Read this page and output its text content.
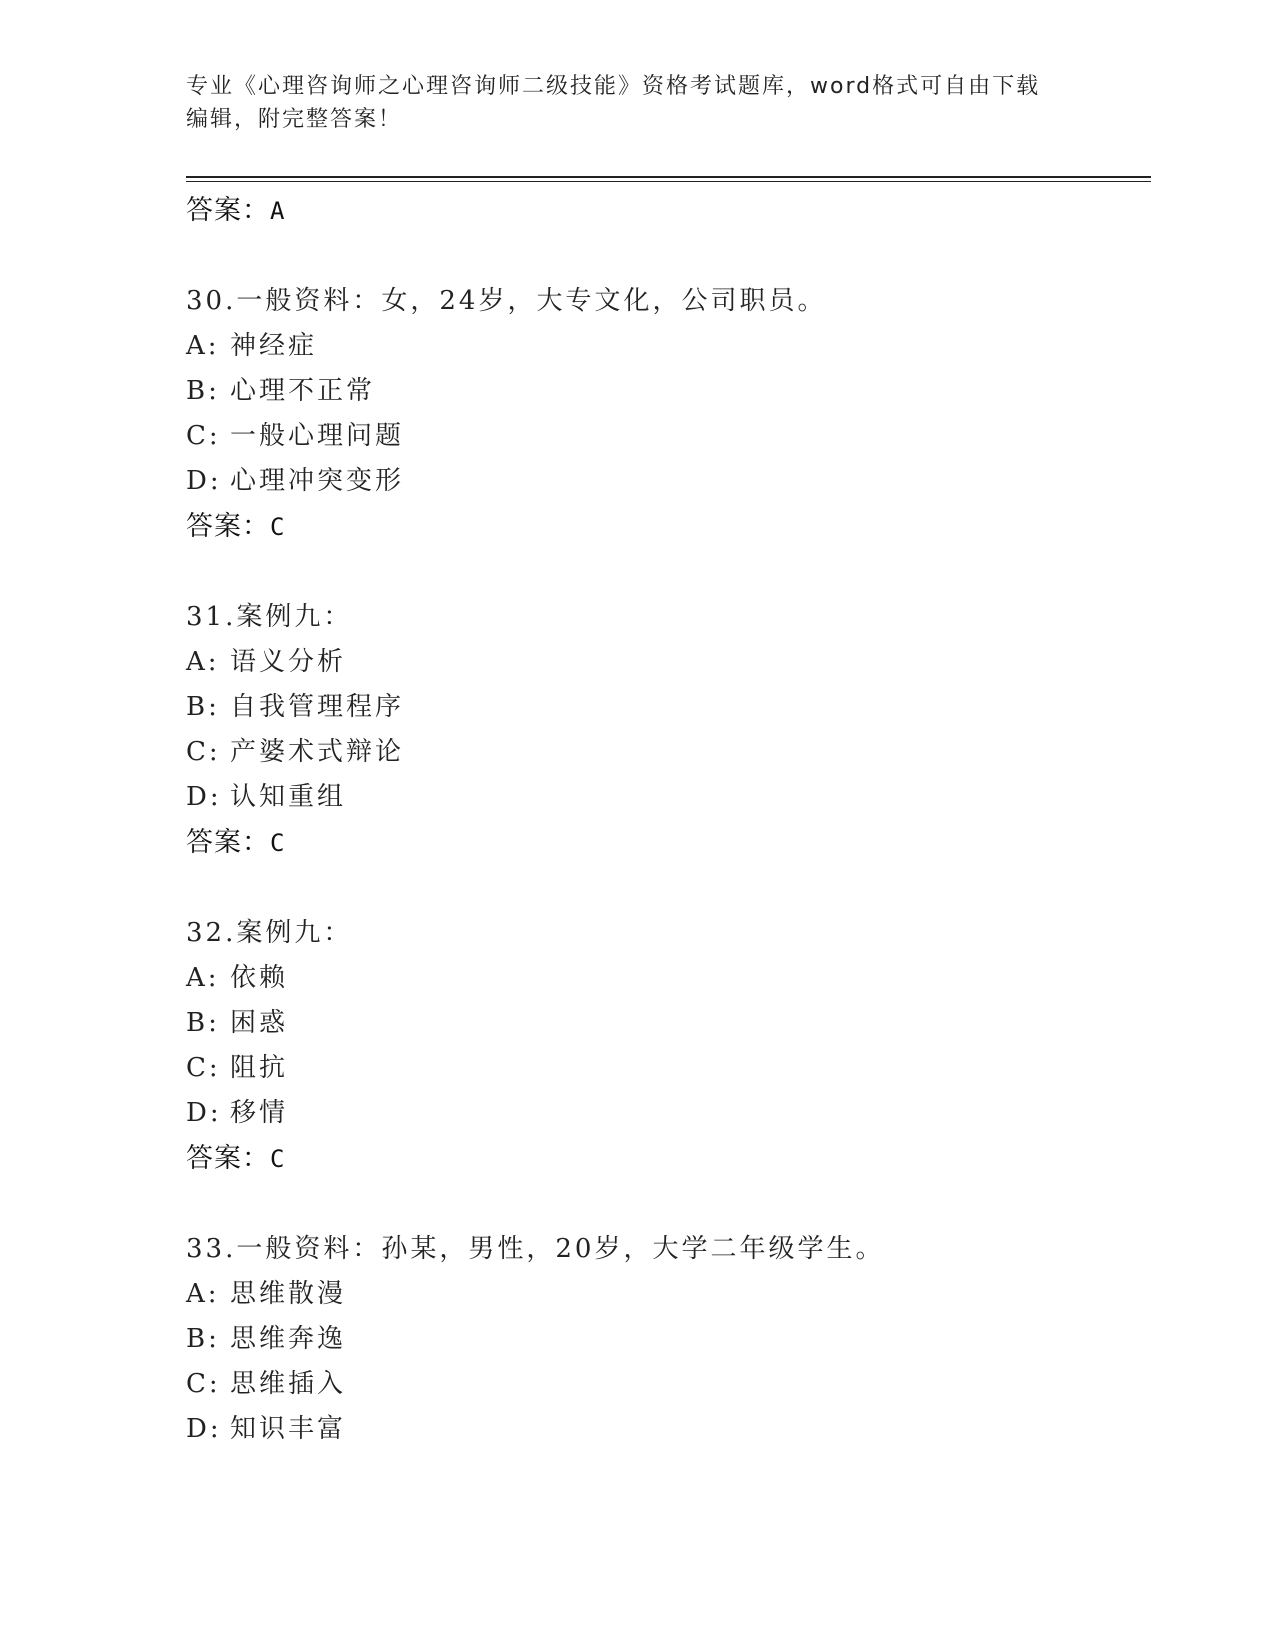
专业《心理咨询师之心理咨询师二级技能》资格考试题库，word格式可自由下载
编辑，附完整答案！
答案：A
30.一般资料：女，24岁，大专文化，公司职员。
A: 神经症
B: 心理不正常
C: 一般心理问题
D: 心理冲突变形
答案：C
31.案例九：
A: 语义分析
B: 自我管理程序
C: 产婆术式辩论
D: 认知重组
答案：C
32.案例九：
A: 依赖
B: 困惑
C: 阻抗
D: 移情
答案：C
33.一般资料：孙某，男性，20岁，大学二年级学生。
A: 思维散漫
B: 思维奔逸
C: 思维插入
D: 知识丰富
